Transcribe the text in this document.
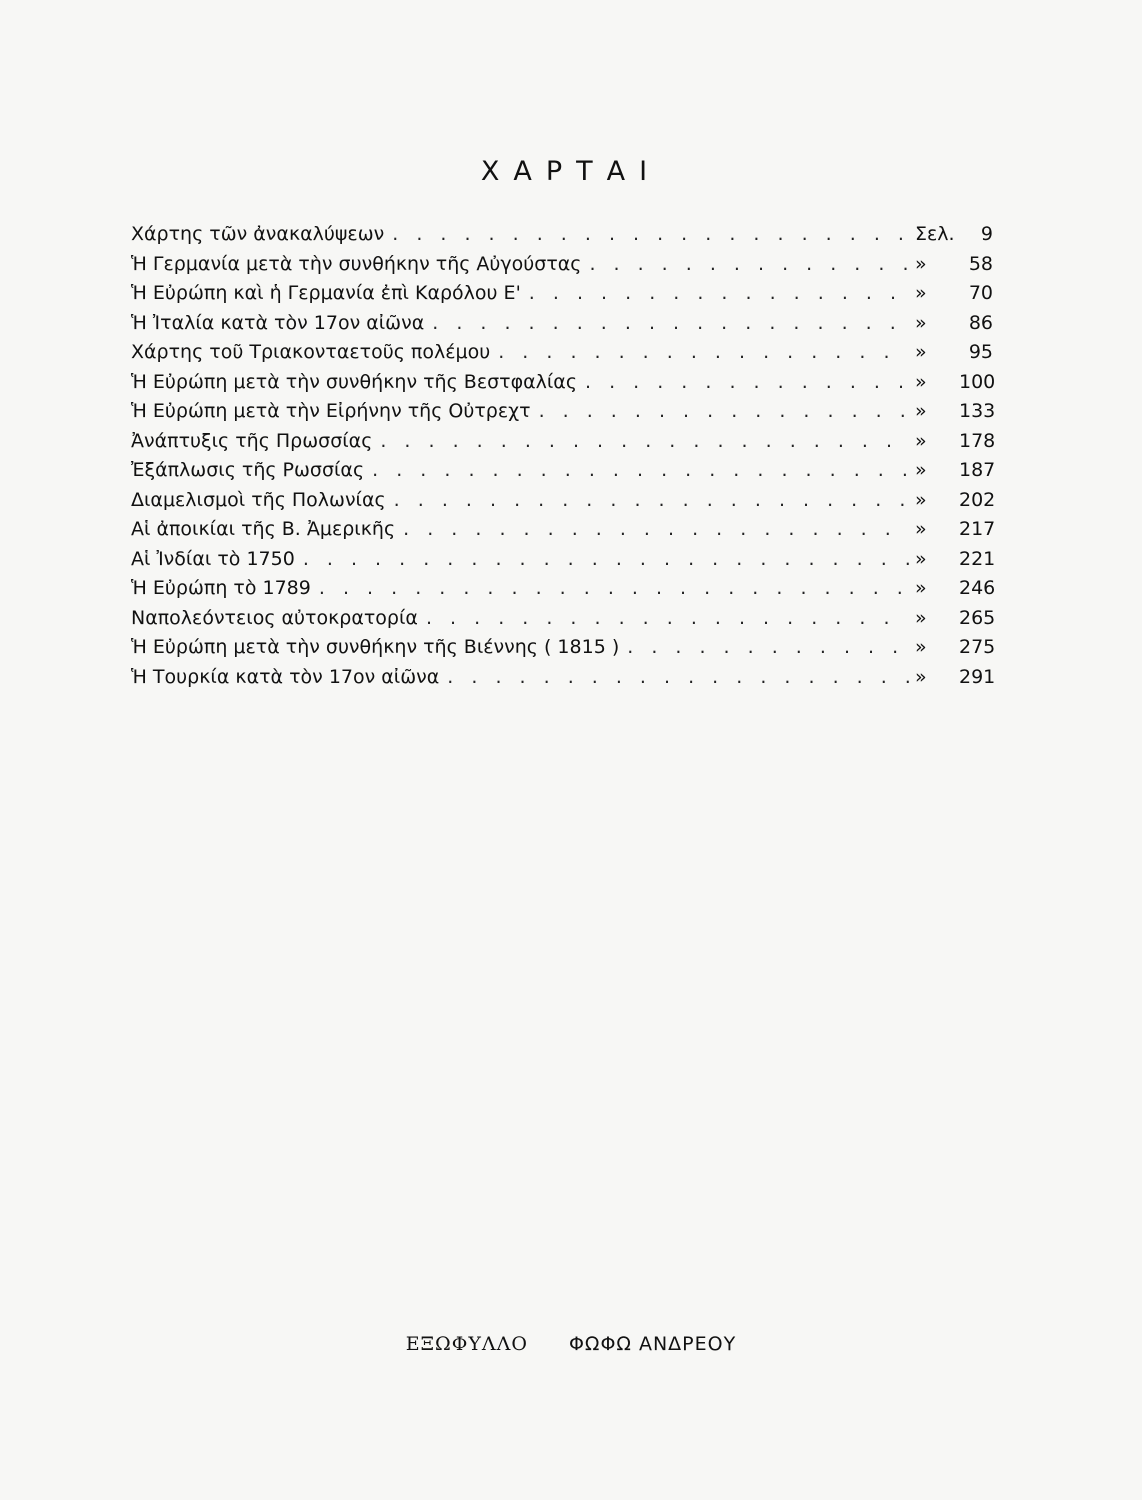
ΧΑΡΤΑΙ
Χάρτης τῶν ἀνακαλύψεων . . .	Σελ.	9
Ἡ Γερμανία μετὰ τὴν συνθήκην τῆς Αὐγούστας . . .	»	58
Ἡ Εὐρώπη καὶ ἡ Γερμανία ἐπὶ Καρόλου Ε' . . .	»	70
Ἡ Ἰταλία κατὰ τὸν 17ον αἰῶνα . . .	»	86
Χάρτης τοῦ Τριακονταετοῦς πολέμου . . .	»	95
Ἡ Εὐρώπη μετὰ τὴν συνθήκην τῆς Βεστφαλίας . . .	»	100
Ἡ Εὐρώπη μετὰ τὴν Εἰρήνην τῆς Οὐτρεχτ . . .	»	133
Ἀνάπτυξις τῆς Πρωσσίας . . .	»	178
Ἐξάπλωσις τῆς Ρωσσίας . . .	»	187
Διαμελισμοὶ τῆς Πολωνίας . . .	»	202
Αἱ ἀποικίαι τῆς Β. Ἀμερικῆς . . .	»	217
Αἱ Ἰνδίαι τὸ 1750 . . .	»	221
Ἡ Εὐρώπη τὸ 1789 . . .	»	246
Ναπολεόντειος αὐτοκρατορία . . .	»	265
Ἡ Εὐρώπη μετὰ τὴν συνθήκην τῆς Βιέννης ( 1815 ) . . .	»	275
Ἡ Τουρκία κατὰ τὸν 17ον αἰῶνα . . .	»	291
ΕΞΩΦΥΛΛΟ ΦΩΦΩ ΑΝΔΡΕΟΥ
